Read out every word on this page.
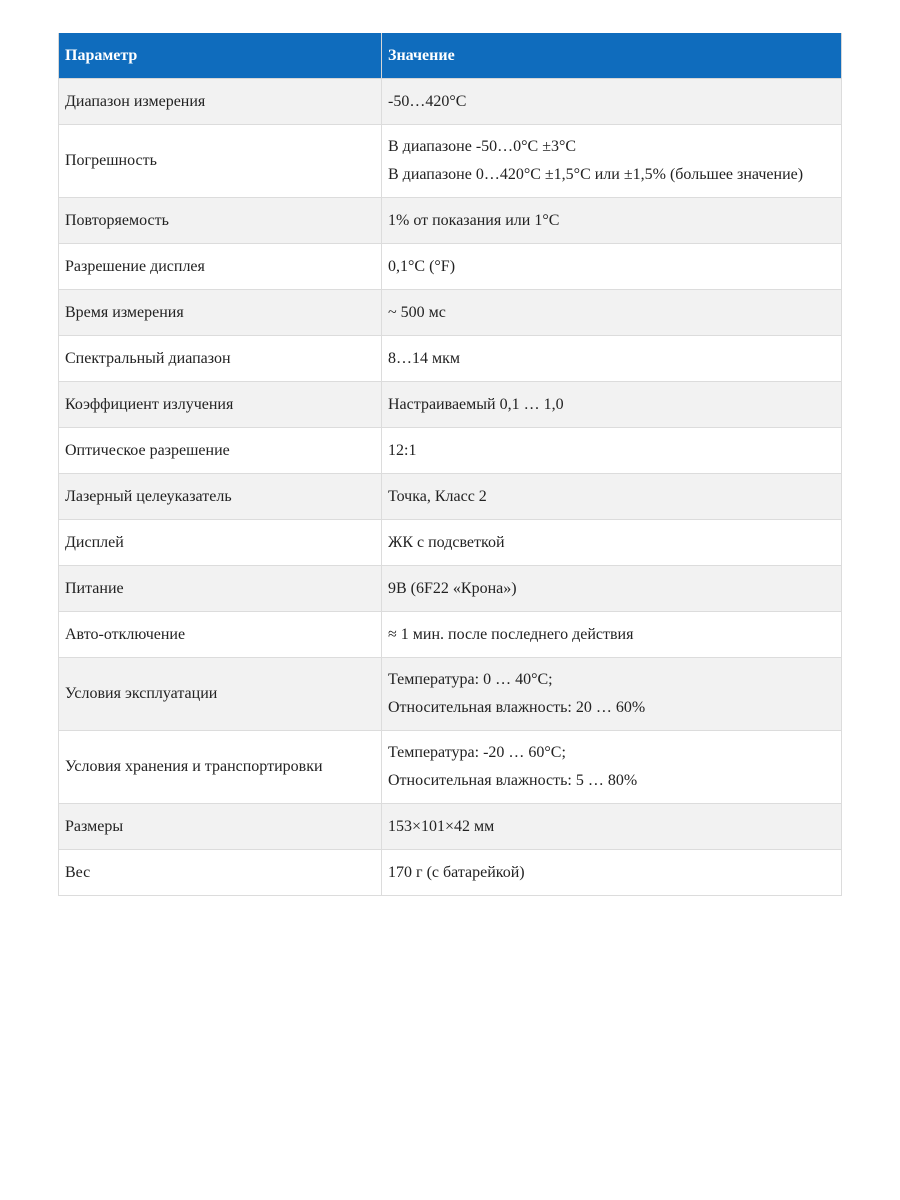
Параметр	Значение
Диапазон измерения	-50…420°C

Погрешность	В диапазоне -50…0°C ±3°C
В диапазоне 0…420°C ±1,5°C или ±1,5% (большее значение)

Повторяемость	1% от показания или 1°C

Разрешение дисплея	0,1°C (°F)

Время измерения	~ 500 мс

Спектральный диапазон	8…14 мкм

Коэффициент излучения	Настраиваемый 0,1 … 1,0

Оптическое разрешение	12:1

Лазерный целеуказатель	Точка, Класс 2

Дисплей	ЖК с подсветкой

Питание	9В (6F22 «Крона»)

Авто-отключение	≈ 1 мин. после последнего действия

Условия эксплуатации	Температура: 0 … 40°C;
Относительная влажность: 20 … 60%

Условия хранения и транспортировки	Температура: -20 … 60°C;
Относительная влажность: 5 … 80%

Размеры	153×101×42 мм

Вес	170 г (с батарейкой)
